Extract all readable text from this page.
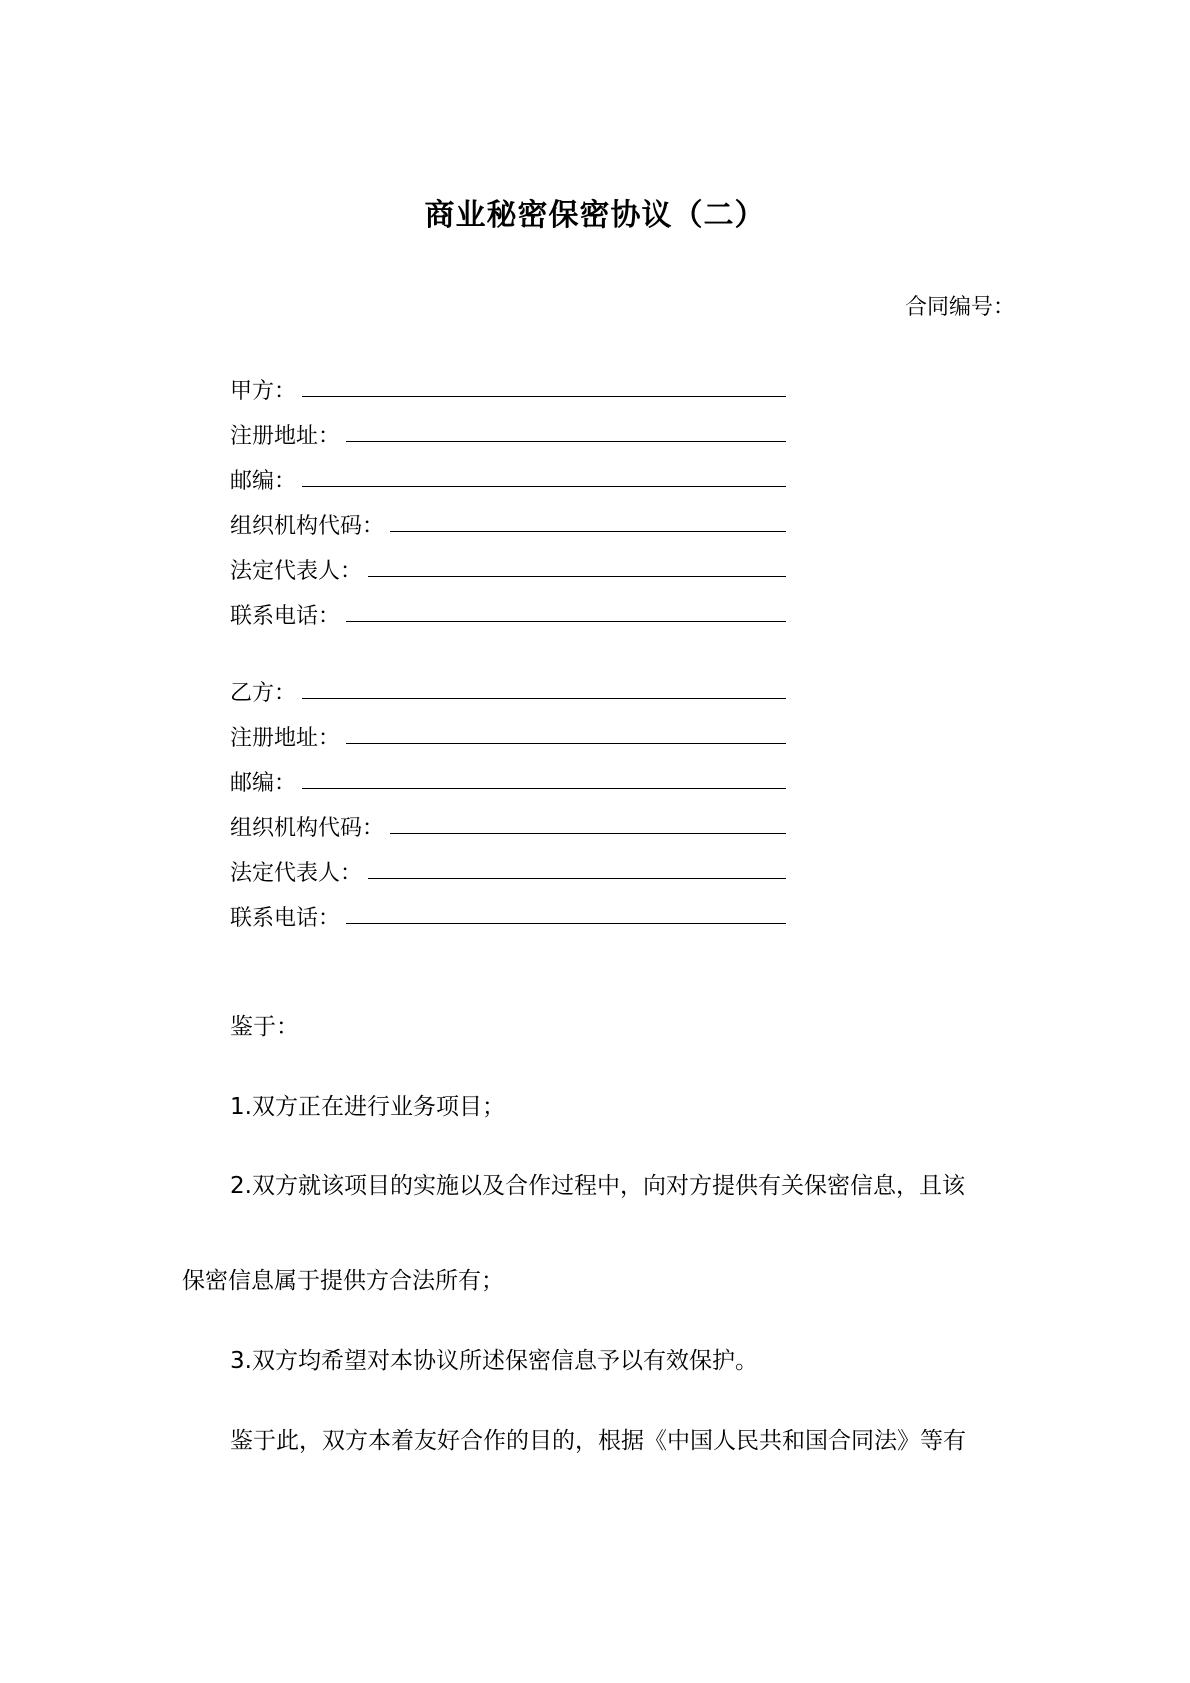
商业秘密保密协议（二）
合同编号：
甲方：
注册地址：
邮编：
组织机构代码：
法定代表人：
联系电话：
乙方：
注册地址：
邮编：
组织机构代码：
法定代表人：
联系电话：
鉴于：
1.双方正在进行业务项目；
2.双方就该项目的实施以及合作过程中，向对方提供有关保密信息，且该
保密信息属于提供方合法所有；
3.双方均希望对本协议所述保密信息予以有效保护。
鉴于此，双方本着友好合作的目的，根据《中国人民共和国合同法》等有
